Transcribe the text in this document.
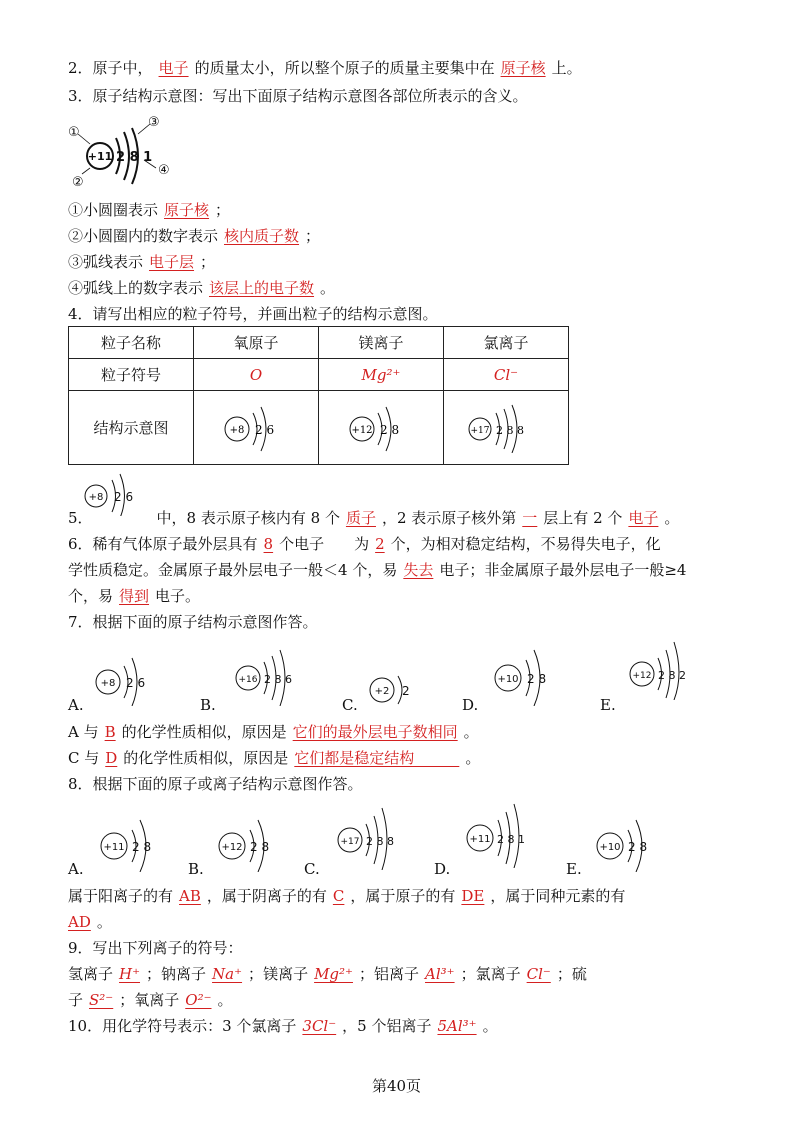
2．原子中， 电子 的质量太小，所以整个原子的质量主要集中在 原子核 上。
3．原子结构示意图：写出下面原子结构示意图各部位所表示的含义。
①
②
③
④
+11 2 8 1
①小圆圈表示 原子核 ；
②小圆圈内的数字表示 核内质子数 ；
③弧线表示 电子层 ；
④弧线上的数字表示 该层上的电子数 。
4．请写出相应的粒子符号，并画出粒子的结构示意图。
粒子名称	氧原子	镁离子	氯离子
粒子符号	O	Mg²⁺	Cl⁻
结构示意图	+8 2 6	+12 2 8	+17 2 8 8
+8 2 6
5．	中，8 表示原子核内有 8 个 质子 ，2 表示原子核外第 一 层上有 2 个 电子 。
6．稀有气体原子最外层具有 8 个电子　　为 2 个，为相对稳定结构，不易得失电子，化
学性质稳定。金属原子最外层电子一般＜4 个，易 失去 电子；非金属原子最外层电子一般≥4
个，易 得到 电子。
7．根据下面的原子结构示意图作答。
A.
+8 2 6
B.
+16 2 8 6
C.
+2 2
D.
+10 2 8
E.
+12 2 8 2
A 与 B 的化学性质相似，原因是 它们的最外层电子数相同 。
C 与 D 的化学性质相似，原因是 它们都是稳定结构　　　。
8．根据下面的原子或离子结构示意图作答。
A.
+11 2 8
B.
+12 2 8
C.
+17 2 8 8
D.
+11 2 8 1
E.
+10 2 8
属于阳离子的有 AB ，属于阴离子的有 C ，属于原子的有 DE ，属于同种元素的有
AD 。
9．写出下列离子的符号：
氢离子 H⁺ ；钠离子 Na⁺ ；镁离子 Mg²⁺ ；铝离子 Al³⁺ ；氯离子 Cl⁻ ；硫
子 S²⁻ ；氧离子 O²⁻ 。
10．用化学符号表示：3 个氯离子 3Cl⁻ ，5 个铝离子 5Al³⁺ 。
第40页
